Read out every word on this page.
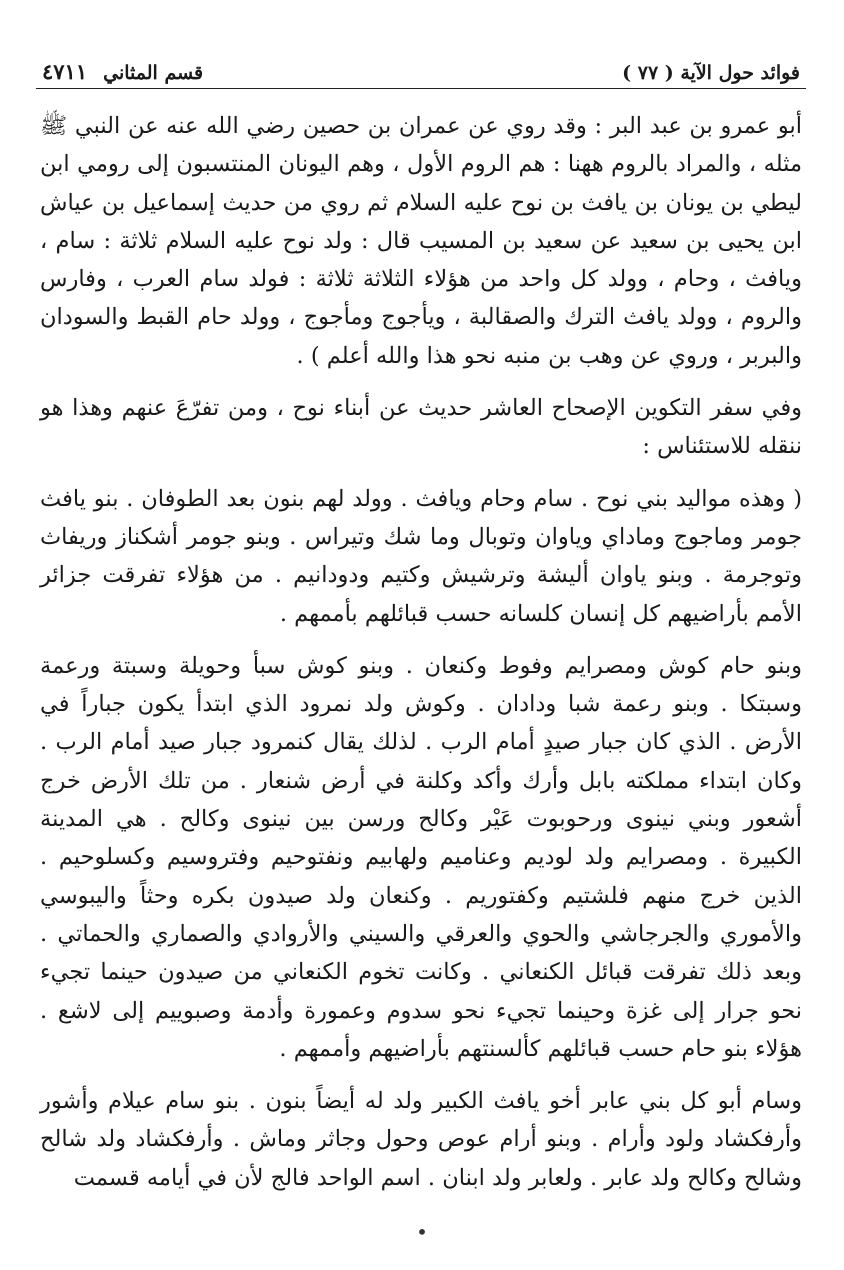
فوائد حول الآية ( ٧٧ )
قسم المثاني
٤٧١١

أبو عمرو بن عبد البر : وقد روي عن عمران بن حصين رضي الله عنه عن النبي ﷺ مثله ، والمراد بالروم ههنا : هم الروم الأول ، وهم اليونان المنتسبون إلى رومي ابن ليطي بن يونان بن يافث بن نوح عليه السلام ثم روي من حديث إسماعيل بن عياش ابن يحيى بن سعيد عن سعيد بن المسيب قال : ولد نوح عليه السلام ثلاثة : سام ، ويافث ، وحام ، وولد كل واحد من هؤلاء الثلاثة ثلاثة : فولد سام العرب ، وفارس والروم ، وولد يافث الترك والصقالبة ، ويأجوج ومأجوج ، وولد حام القبط والسودان والبربر ، وروي عن وهب بن منبه نحو هذا والله أعلم ) .

وفي سفر التكوين الإصحاح العاشر حديث عن أبناء نوح ، ومن تفرّعَ عنهم وهذا هو ننقله للاستئناس :

( وهذه مواليد بني نوح . سام وحام ويافث . وولد لهم بنون بعد الطوفان . بنو يافث جومر وماجوج وماداي وياوان وتوبال وما شك وتيراس . وبنو جومر أشكناز وريفاث وتوجرمة . وبنو ياوان أليشة وترشيش وكتيم ودودانيم . من هؤلاء تفرقت جزائر الأمم بأراضيهم كل إنسان كلسانه حسب قبائلهم بأممهم .

وبنو حام كوش ومصرايم وفوط وكنعان . وبنو كوش سبأ وحويلة وسبتة ورعمة وسبتكا . وبنو رعمة شبا ودادان . وكوش ولد نمرود الذي ابتدأ يكون جباراً في الأرض . الذي كان جبار صيدٍ أمام الرب . لذلك يقال كنمرود جبار صيد أمام الرب . وكان ابتداء مملكته بابل وأرك وأكد وكلنة في أرض شنعار . من تلك الأرض خرج أشعور وبني نينوى ورحوبوت عَيْر وكالح ورسن بين نينوى وكالح . هي المدينة الكبيرة . ومصرايم ولد لوديم وعناميم ولهابيم ونفتوحيم وفتروسيم وكسلوحيم . الذين خرج منهم فلشتيم وكفتوريم . وكنعان ولد صيدون بكره وحثاً واليبوسي والأموري والجرجاشي والحوي والعرقي والسيني والأروادي والصماري والحماتي . وبعد ذلك تفرقت قبائل الكنعاني . وكانت تخوم الكنعاني من صيدون حينما تجيء نحو جرار إلى غزة وحينما تجيء نحو سدوم وعمورة وأدمة وصبوييم إلى لاشع . هؤلاء بنو حام حسب قبائلهم كألسنتهم بأراضيهم وأممهم .

وسام أبو كل بني عابر أخو يافث الكبير ولد له أيضاً بنون . بنو سام عيلام وأشور وأرفكشاد ولود وأرام . وبنو أرام عوص وحول وجاثر وماش . وأرفكشاد ولد شالح وشالح وكالح ولد عابر . ولعابر ولد ابنان . اسم الواحد فالج لأن في أيامه قسمت

•
